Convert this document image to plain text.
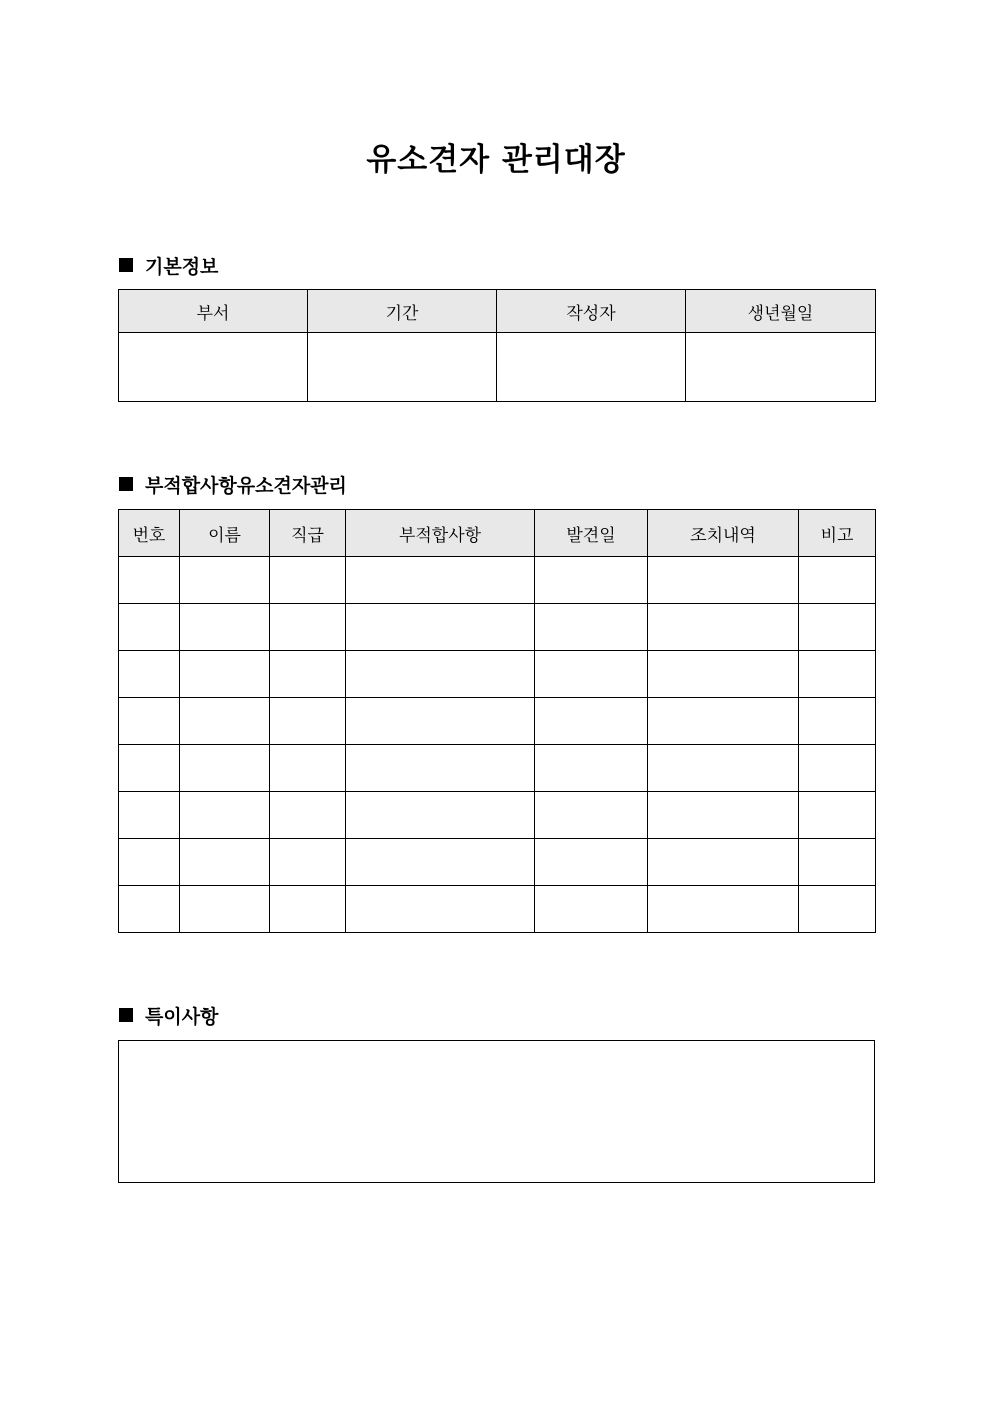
유소견자 관리대장
기본정보
부서	기간	작성자	생년월일

부적합사항유소견자관리
번호	이름	직급	부적합사항	발견일	조치내역	비고

특이사항
